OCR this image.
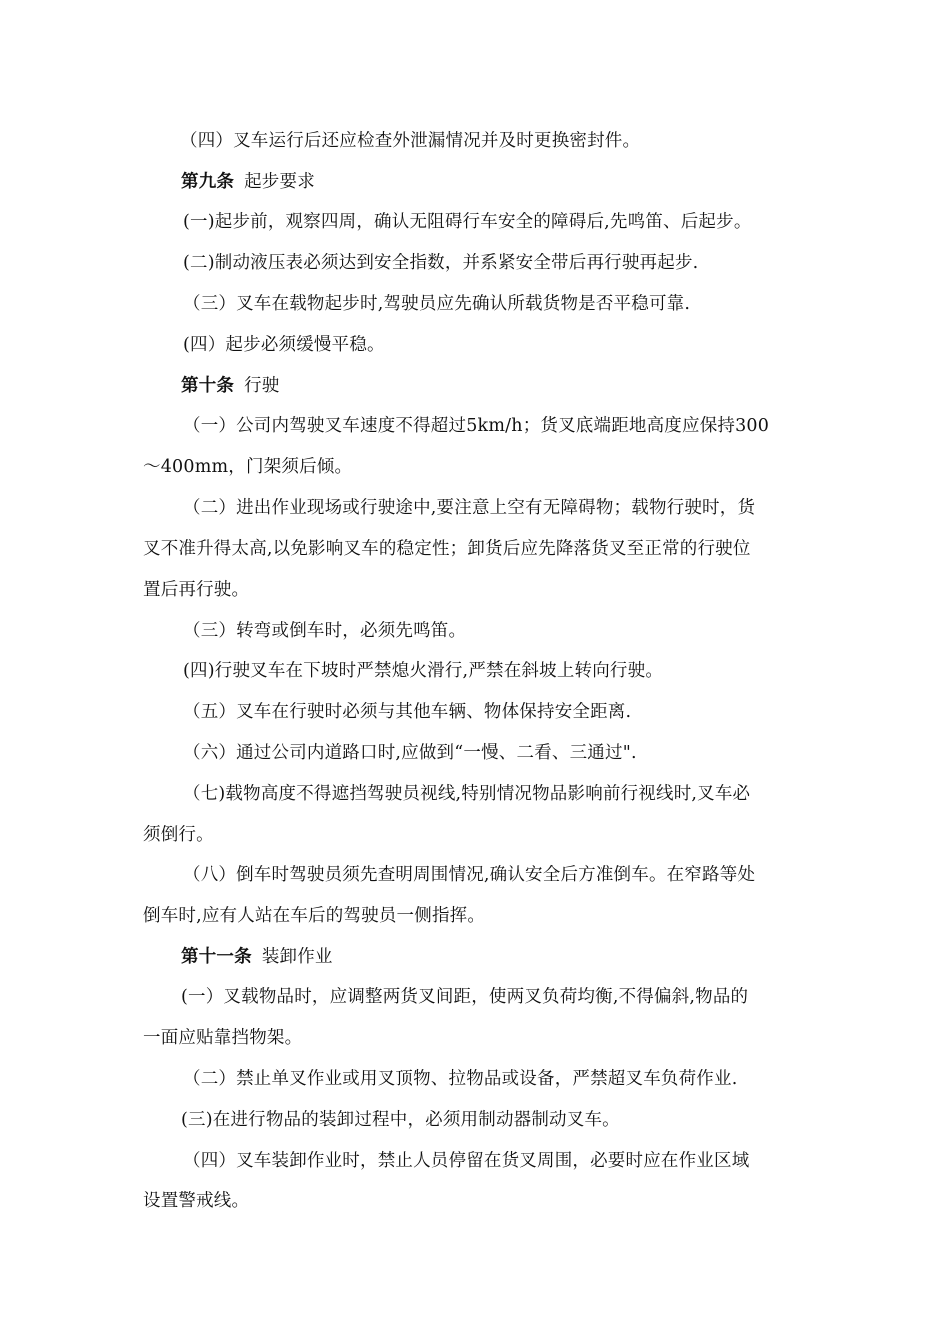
（四）叉车运行后还应检查外泄漏情况并及时更换密封件。
第九条 起步要求
(一)起步前，观察四周，确认无阻碍行车安全的障碍后,先鸣笛、后起步。
(二)制动液压表必须达到安全指数，并系紧安全带后再行驶再起步.
（三）叉车在载物起步时,驾驶员应先确认所载货物是否平稳可靠.
(四）起步必须缓慢平稳。
第十条 行驶
（一）公司内驾驶叉车速度不得超过5km/h；货叉底端距地高度应保持300
～400mm，门架须后倾。
（二）进出作业现场或行驶途中,要注意上空有无障碍物；载物行驶时，货
叉不准升得太高,以免影响叉车的稳定性；卸货后应先降落货叉至正常的行驶位
置后再行驶。
（三）转弯或倒车时，必须先鸣笛。
(四)行驶叉车在下坡时严禁熄火滑行,严禁在斜坡上转向行驶。
（五）叉车在行驶时必须与其他车辆、物体保持安全距离.
（六）通过公司内道路口时,应做到“一慢、二看、三通过".
（七)载物高度不得遮挡驾驶员视线,特别情况物品影响前行视线时,叉车必
须倒行。
（八）倒车时驾驶员须先查明周围情况,确认安全后方准倒车。在窄路等处
倒车时,应有人站在车后的驾驶员一侧指挥。
第十一条 装卸作业
(一）叉载物品时，应调整两货叉间距，使两叉负荷均衡,不得偏斜,物品的
一面应贴靠挡物架。
（二）禁止单叉作业或用叉顶物、拉物品或设备，严禁超叉车负荷作业.
(三)在进行物品的装卸过程中，必须用制动器制动叉车。
（四）叉车装卸作业时，禁止人员停留在货叉周围，必要时应在作业区域
设置警戒线。
